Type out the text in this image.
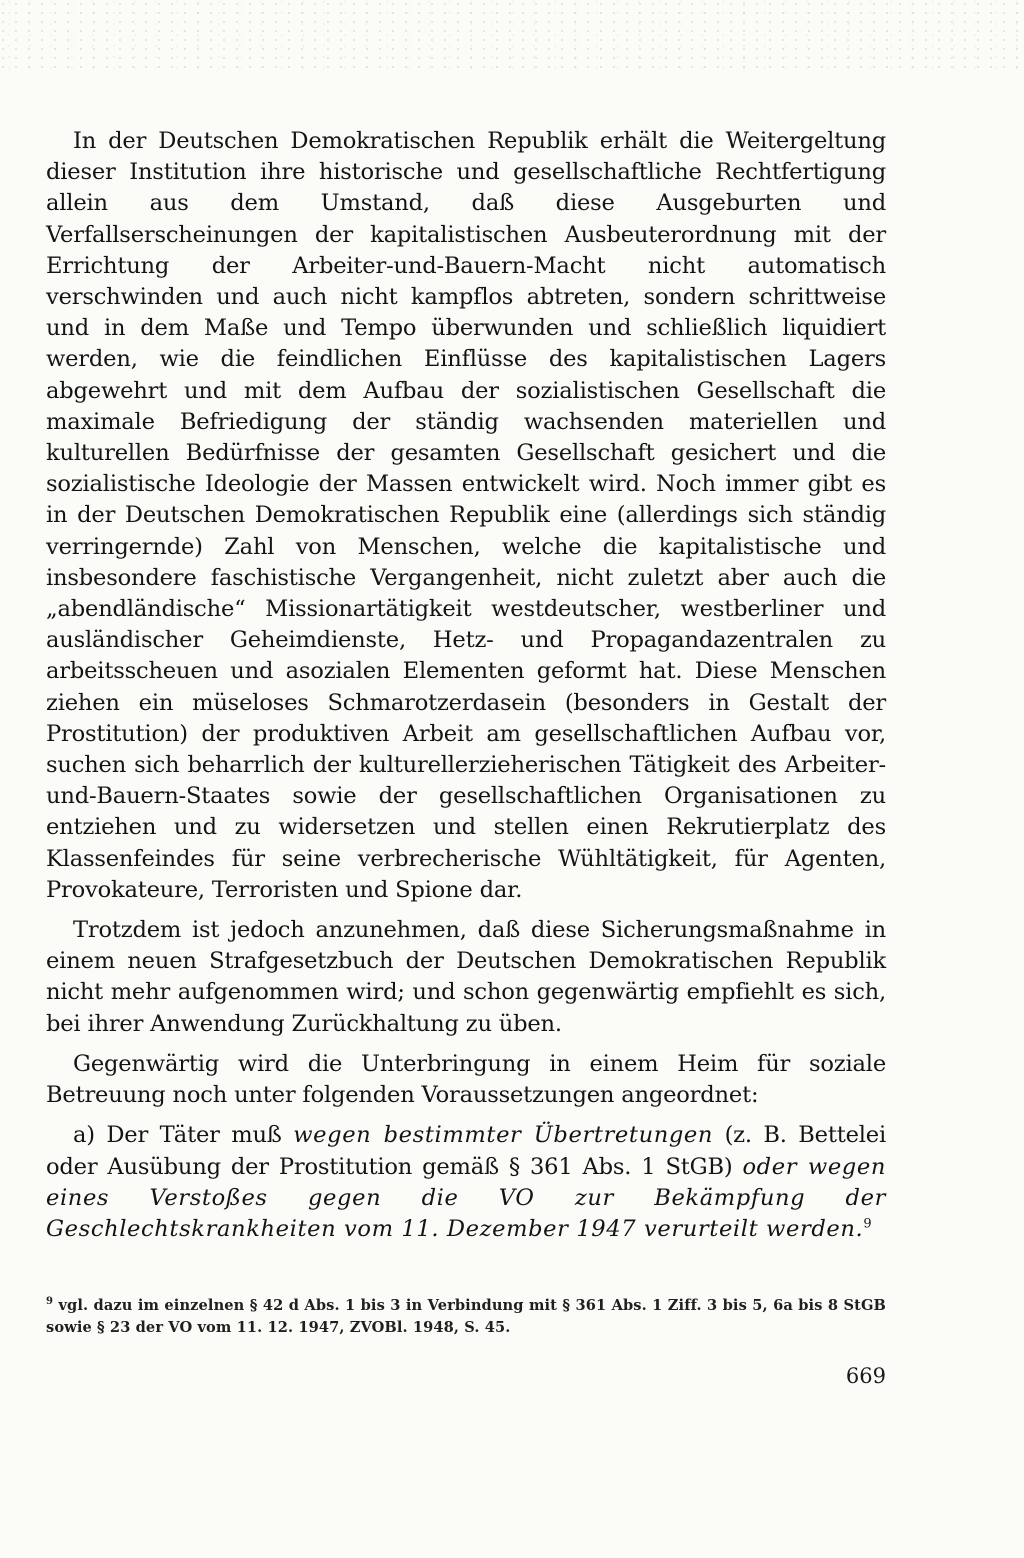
In der Deutschen Demokratischen Republik erhält die Weitergeltung dieser Institution ihre historische und gesellschaftliche Rechtfertigung allein aus dem Umstand, daß diese Ausgeburten und Verfallserscheinungen der kapitalistischen Ausbeuterordnung mit der Errichtung der Arbeiter-und-Bauern-Macht nicht automatisch verschwinden und auch nicht kampflos abtreten, sondern schrittweise und in dem Maße und Tempo überwunden und schließlich liquidiert werden, wie die feindlichen Einflüsse des kapitalistischen Lagers abgewehrt und mit dem Aufbau der sozialistischen Gesellschaft die maximale Befriedigung der ständig wachsenden materiellen und kulturellen Bedürfnisse der gesamten Gesellschaft gesichert und die sozialistische Ideologie der Massen entwickelt wird. Noch immer gibt es in der Deutschen Demokratischen Republik eine (allerdings sich ständig verringernde) Zahl von Menschen, welche die kapitalistische und insbesondere faschistische Vergangenheit, nicht zuletzt aber auch die „abendländische“ Missionartätigkeit westdeutscher, westberliner und ausländischer Geheimdienste, Hetz- und Propagandazentralen zu arbeitsscheuen und asozialen Elementen geformt hat. Diese Menschen ziehen ein müseloses Schmarotzerdasein (besonders in Gestalt der Prostitution) der produktiven Arbeit am gesellschaftlichen Aufbau vor, suchen sich beharrlich der kulturellerzieherischen Tätigkeit des Arbeiter-und-Bauern-Staates sowie der gesellschaftlichen Organisationen zu entziehen und zu widersetzen und stellen einen Rekrutierplatz des Klassenfeindes für seine verbrecherische Wühltätigkeit, für Agenten, Provokateure, Terroristen und Spione dar.

Trotzdem ist jedoch anzunehmen, daß diese Sicherungsmaßnahme in einem neuen Strafgesetzbuch der Deutschen Demokratischen Republik nicht mehr aufgenommen wird; und schon gegenwärtig empfiehlt es sich, bei ihrer Anwendung Zurückhaltung zu üben.

Gegenwärtig wird die Unterbringung in einem Heim für soziale Betreuung noch unter folgenden Voraussetzungen angeordnet:

a) Der Täter muß wegen bestimmter Übertretungen (z. B. Bettelei oder Ausübung der Prostitution gemäß § 361 Abs. 1 StGB) oder wegen eines Verstoßes gegen die VO zur Bekämpfung der Geschlechtskrankheiten vom 11. Dezember 1947 verurteilt werden.$^9$

$^9$ vgl. dazu im einzelnen § 42 d Abs. 1 bis 3 in Verbindung mit § 361 Abs. 1 Ziff. 3 bis 5, 6a bis 8 StGB sowie § 23 der VO vom 11. 12. 1947, ZVOBl. 1948, S. 45.
669
